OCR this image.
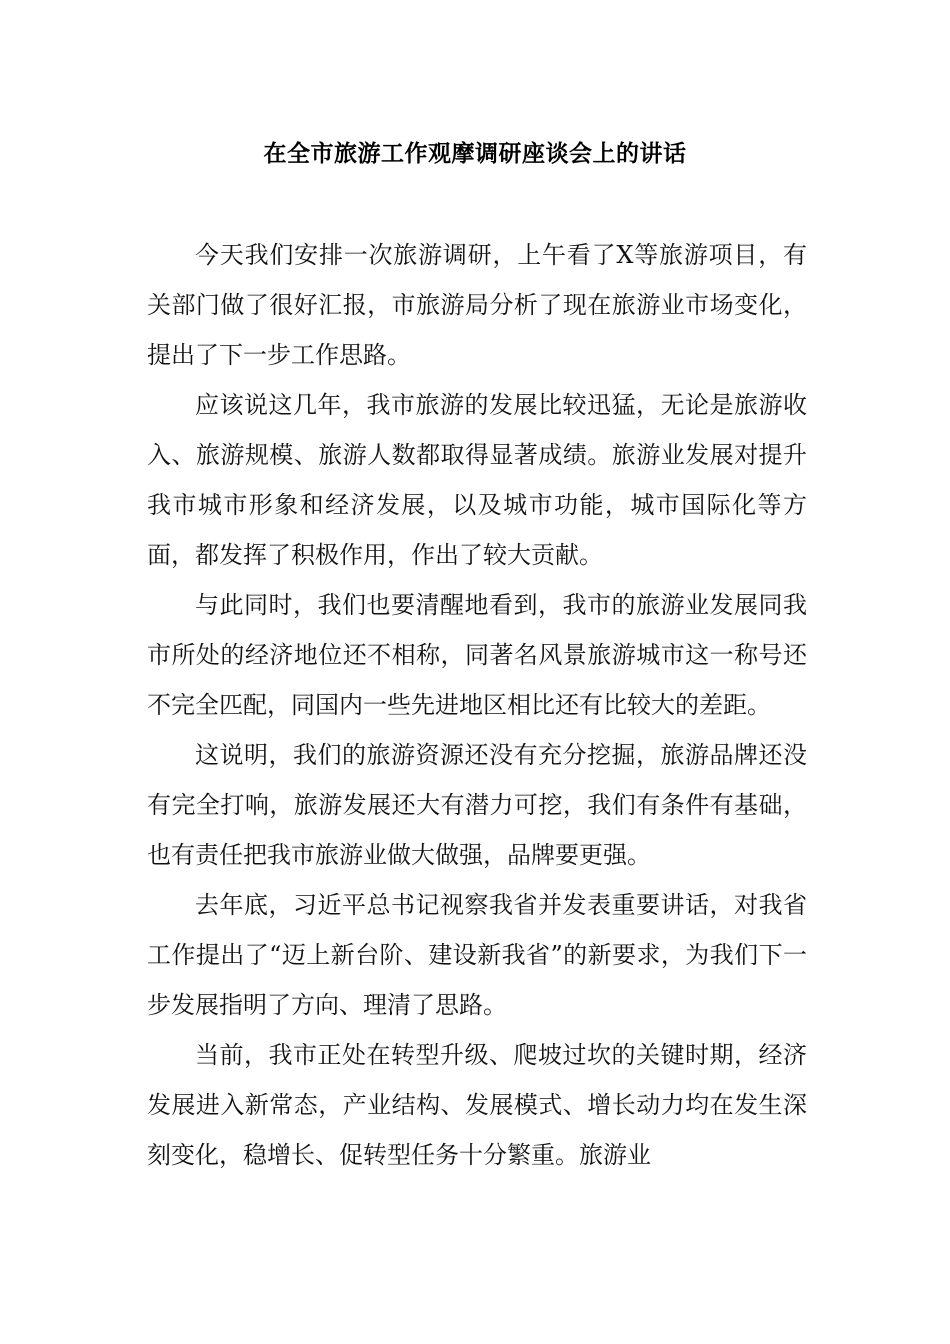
在全市旅游工作观摩调研座谈会上的讲话

今天我们安排一次旅游调研，上午看了X等旅游项目，有关部门做了很好汇报，市旅游局分析了现在旅游业市场变化，提出了下一步工作思路。

应该说这几年，我市旅游的发展比较迅猛，无论是旅游收入、旅游规模、旅游人数都取得显著成绩。旅游业发展对提升我市城市形象和经济发展，以及城市功能，城市国际化等方面，都发挥了积极作用，作出了较大贡献。

与此同时，我们也要清醒地看到，我市的旅游业发展同我市所处的经济地位还不相称，同著名风景旅游城市这一称号还不完全匹配，同国内一些先进地区相比还有比较大的差距。

这说明，我们的旅游资源还没有充分挖掘，旅游品牌还没有完全打响，旅游发展还大有潜力可挖，我们有条件有基础，也有责任把我市旅游业做大做强，品牌要更强。

去年底，习近平总书记视察我省并发表重要讲话，对我省工作提出了“迈上新台阶、建设新我省”的新要求，为我们下一步发展指明了方向、理清了思路。

当前，我市正处在转型升级、爬坡过坎的关键时期，经济发展进入新常态，产业结构、发展模式、增长动力均在发生深刻变化，稳增长、促转型任务十分繁重。旅游业
